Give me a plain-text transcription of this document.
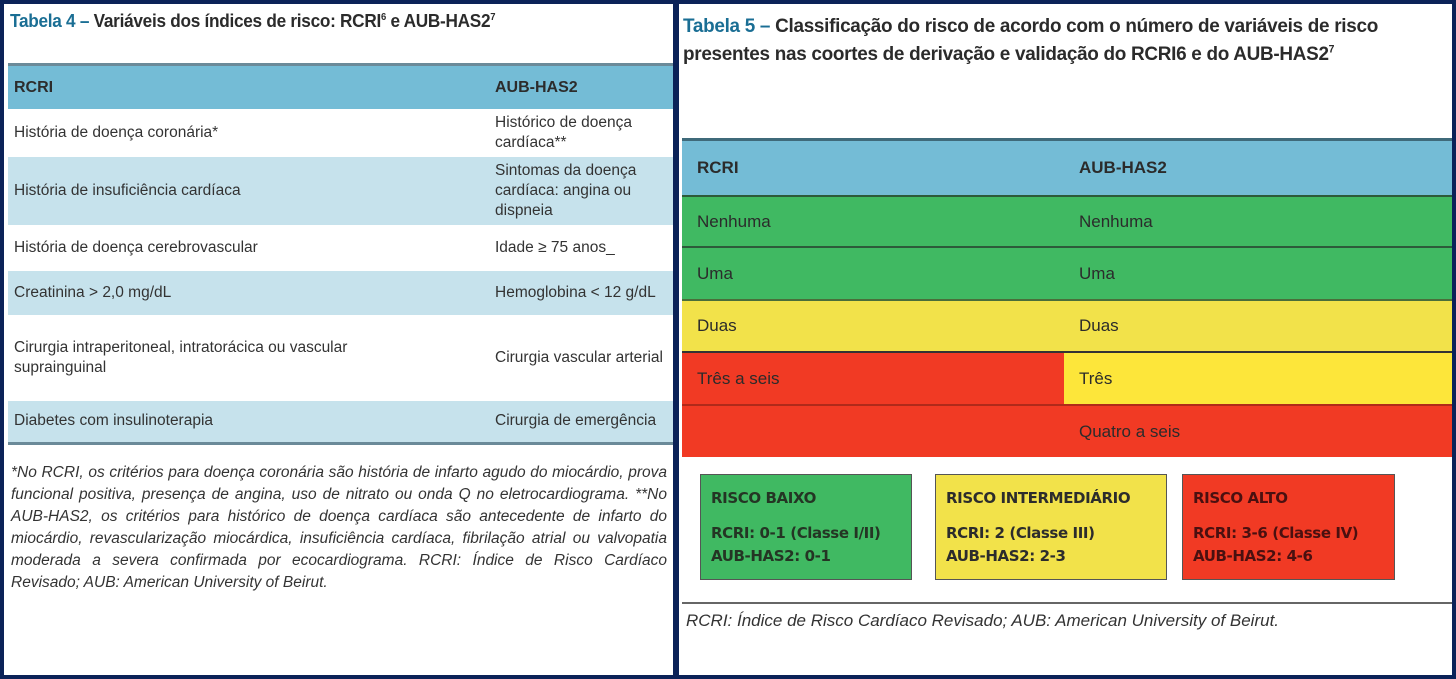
Tabela 4 – Variáveis dos índices de risco: RCRI$^6$ e AUB-$HAS2^7$
RCRI	AUB-HAS2
História de doença coronária*	Histórico de doença cardíaca**
História de insuficiência cardíaca	Sintomas da doença cardíaca: angina ou dispneia
História de doença cerebrovascular	Idade ≥ 75 anos_
Creatinina > 2,0 mg/dL	Hemoglobina < 12 g/dL
Cirurgia intraperitoneal, intratorácica ou vascular suprainguinal	Cirurgia vascular arterial
Diabetes com insulinoterapia	Cirurgia de emergência
*No RCRI, os critérios para doença coronária são história de infarto agudo do miocárdio, prova funcional positiva, presença de angina, uso de nitrato ou onda Q no eletrocardiograma. **No AUB-HAS2, os critérios para histórico de doença cardíaca são antecedente de infarto do miocárdio, revascularização miocárdica, insuficiência cardíaca, fibrilação atrial ou valvopatia moderada a severa confirmada por ecocardiograma. RCRI: Índice de Risco Cardíaco Revisado; AUB: American University of Beirut.
Tabela 5 – Classificação do risco de acordo com o número de variáveis de risco presentes nas coortes de derivação e validação do RCRI6 e do AUB-$HAS2^7$
RCRI	AUB-HAS2
Nenhuma	Nenhuma
Uma	Uma
Duas	Duas
Três a seis	Três
	Quatro a seis
RISCO BAIXO
RCRI: 0-1 (Classe I/II)
AUB-HAS2: 0-1
RISCO INTERMEDIÁRIO
RCRI: 2 (Classe III)
AUB-HAS2: 2-3
RISCO ALTO
RCRI: 3-6 (Classe IV)
AUB-HAS2: 4-6
RCRI: Índice de Risco Cardíaco Revisado; AUB: American University of Beirut.
